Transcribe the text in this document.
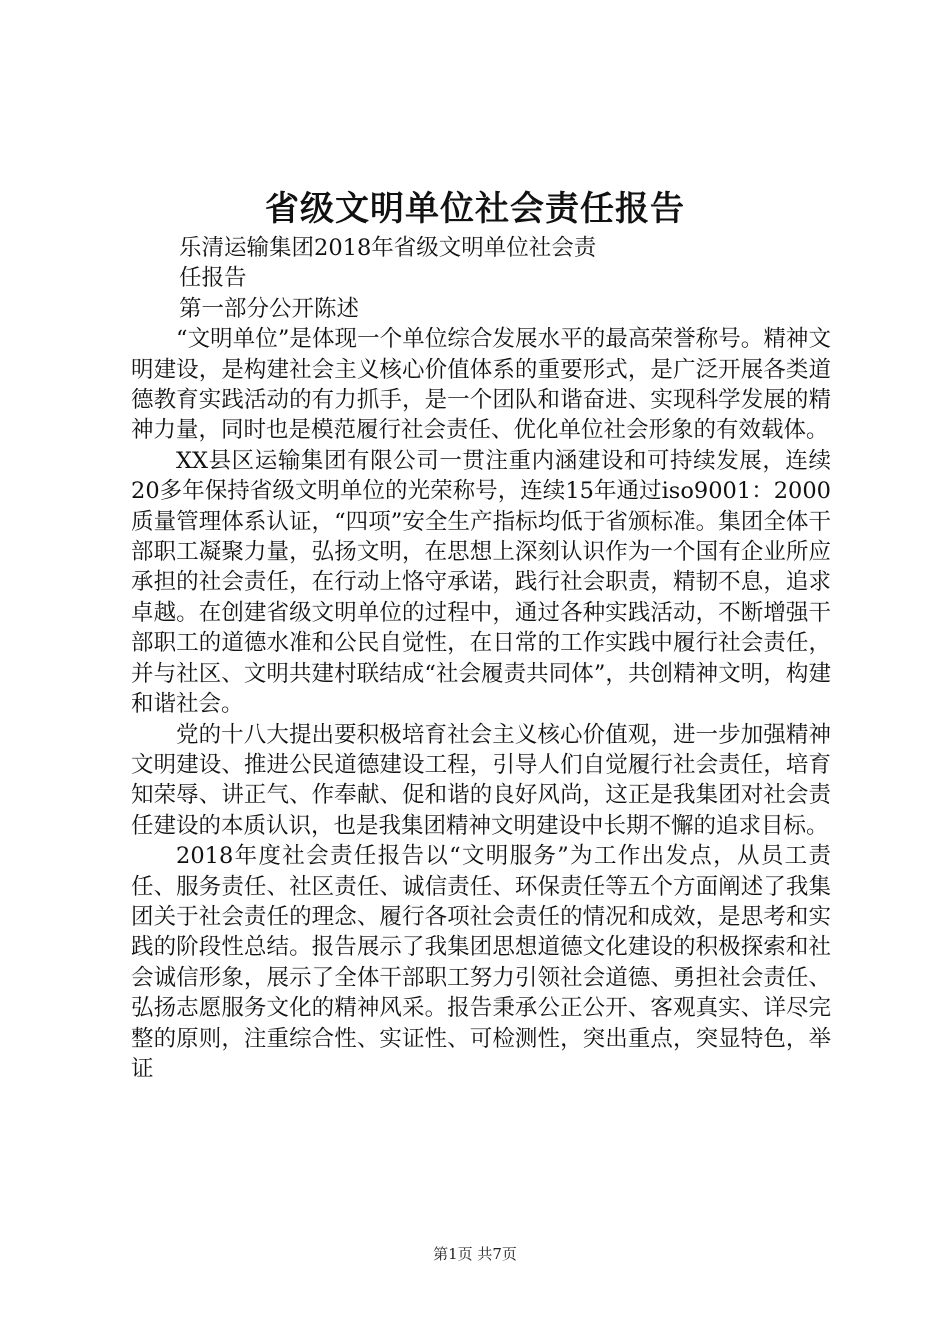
省级文明单位社会责任报告

乐清运输集团2018年省级文明单位社会责

任报告

第一部分公开陈述

“文明单位”是体现一个单位综合发展水平的最高荣誉称号。精神文明建设，是构建社会主义核心价值体系的重要形式，是广泛开展各类道德教育实践活动的有力抓手，是一个团队和谐奋进、实现科学发展的精神力量，同时也是模范履行社会责任、优化单位社会形象的有效载体。

XX县区运输集团有限公司一贯注重内涵建设和可持续发展，连续20多年保持省级文明单位的光荣称号，连续15年通过iso9001：2000质量管理体系认证，“四项”安全生产指标均低于省颁标准。集团全体干部职工凝聚力量，弘扬文明，在思想上深刻认识作为一个国有企业所应承担的社会责任，在行动上恪守承诺，践行社会职责，精韧不息，追求卓越。在创建省级文明单位的过程中，通过各种实践活动，不断增强干部职工的道德水准和公民自觉性，在日常的工作实践中履行社会责任，并与社区、文明共建村联结成“社会履责共同体”，共创精神文明，构建和谐社会。

党的十八大提出要积极培育社会主义核心价值观，进一步加强精神文明建设、推进公民道德建设工程，引导人们自觉履行社会责任，培育知荣辱、讲正气、作奉献、促和谐的良好风尚，这正是我集团对社会责任建设的本质认识，也是我集团精神文明建设中长期不懈的追求目标。

2018年度社会责任报告以“文明服务”为工作出发点，从员工责任、服务责任、社区责任、诚信责任、环保责任等五个方面阐述了我集团关于社会责任的理念、履行各项社会责任的情况和成效，是思考和实践的阶段性总结。报告展示了我集团思想道德文化建设的积极探索和社会诚信形象，展示了全体干部职工努力引领社会道德、勇担社会责任、弘扬志愿服务文化的精神风采。报告秉承公正公开、客观真实、详尽完整的原则，注重综合性、实证性、可检测性，突出重点，突显特色，举证

第1页 共7页
